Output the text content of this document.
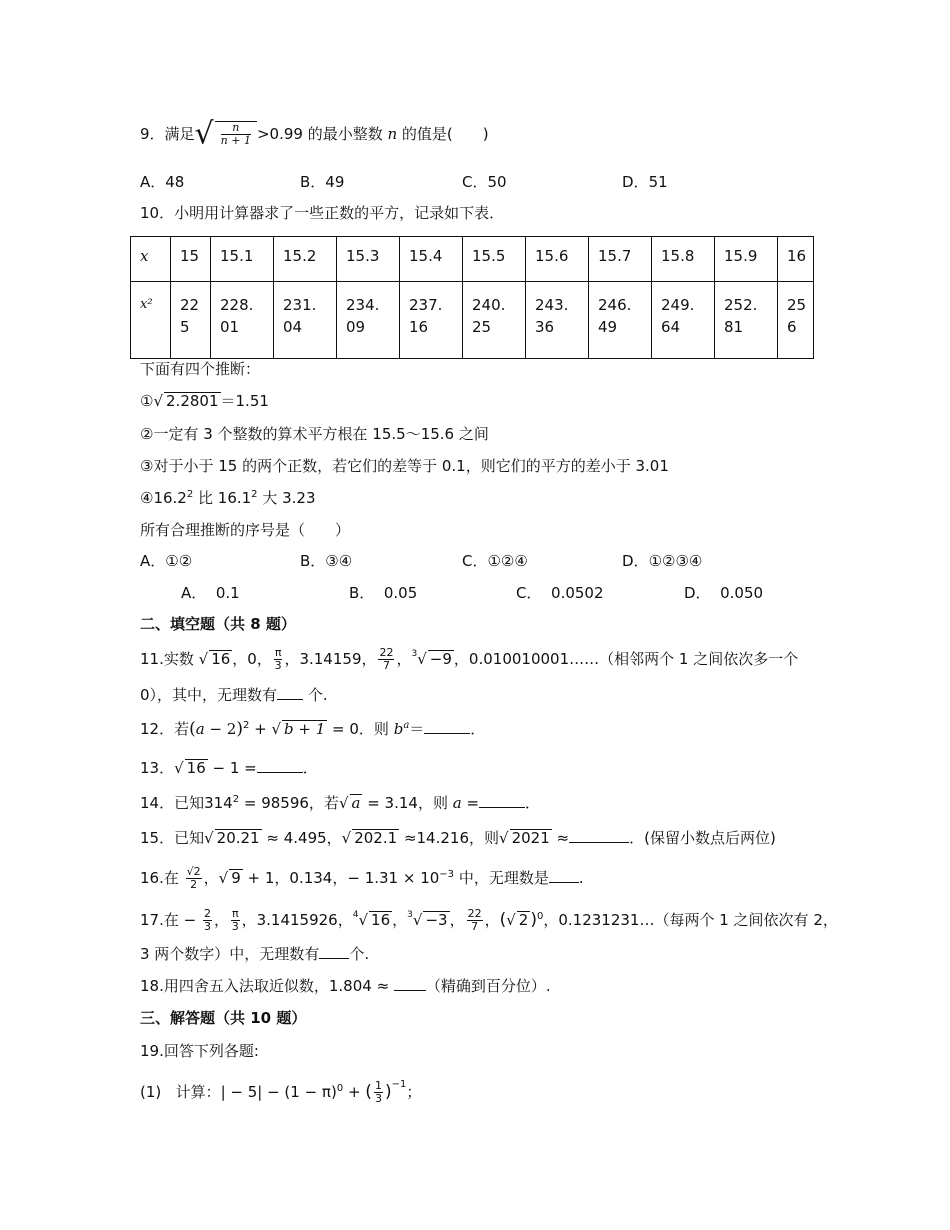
9．满足√ $\frac{n}{n + 1} >0.99$ 的最小整数 n 的值是(　　)
A．48	B．49	C．50	D．51
10．小明用计算器求了一些正数的平方，记录如下表．
x	15	15.1	15.2	15.3	15.4	15.5	15.6	15.7	15.8	15.9	16
x²	225	228.01	231.04	234.09	237.16	240.25	243.36	246.49	249.64	252.81	256
下面有四个推断：
①√ 2.2801 ＝1.51
②一定有 3 个整数的算术平方根在 15.5～15.6 之间
③对于小于 15 的两个正数，若它们的差等于 0.1，则它们的平方的差小于 3.01
④16.2$^2$ 比 16.1$^2$ 大 3.23
所有合理推断的序号是（　　）
A．①②	B．③④	C．①②④	D．①②③④
A． 0.1	B． 0.05	C． 0.0502	D． 0.050
二、填空题（共 8 题）
11.实数 √ 16 ，0， $\frac{\pi}{3}$ ，3.14159， $\frac{22}{7}$ ，$^3$√ −9 ，0.010010001……（相邻两个 1 之间依次多一个
0），其中，无理数有 个.
12．若$(a - 2)^2$ + √ b + 1 = 0．则 $b^a=$	．
13．√ 16 − 1 =	．
14．已知$314^2 = 98596$，若√ a = 3.14，则 a =	．
15．已知√ 20.21 ≈ 4.495，√ 202.1 ≈14.216，则√ 2021 ≈	．(保留小数点后两位)
16.在 $\frac{√2}{2}$ ，√ 9 + 1，0.134，− $1.31 \times 10^{-3}$ 中，无理数是 .
17.在 − $\frac{2}{3}$ ， $\frac{\pi}{3}$ ，3.1415926，$^4$√ 16 ，$^3$√ −3 ， $\frac{22}{7}$ ，(√ 2 )$^0$，0.1231231…（每两个 1 之间依次有 2，
3 两个数字）中，无理数有 个.
18.用四舍五入法取近似数，1.804 ≈ （精确到百分位）.
三、解答题（共 10 题）
19.回答下列各题:
(1) 计算：| − $5| - (1 - \pi)^0$ + ( $\frac{1}{3} )^{-1}$；
